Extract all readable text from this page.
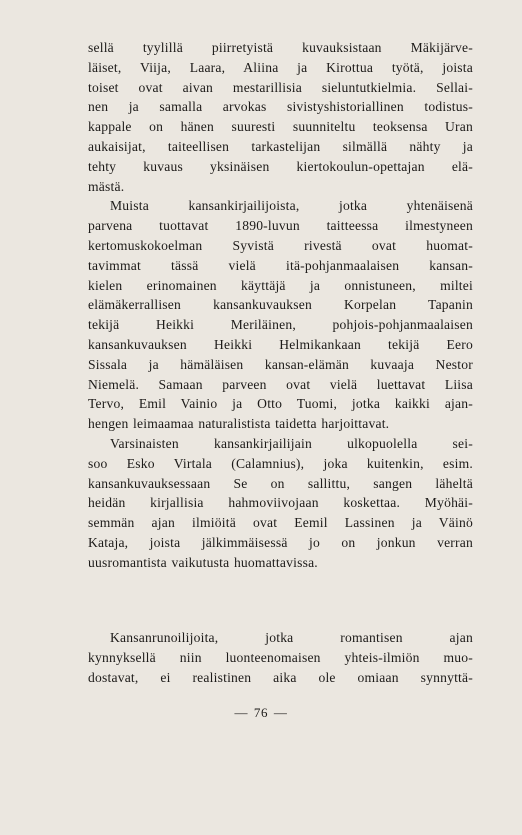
sellä tyylillä piirretyistä kuvauksistaan Mäkijärve-
läiset, Viija, Laara, Aliina ja Kirottua työtä, joista
toiset ovat aivan mestarillisia sieluntutkielmia. Sellai-
nen ja samalla arvokas sivistyshistoriallinen todistus-
kappale on hänen suuresti suunniteltu teoksensa Uran
aukaisijat, taiteellisen tarkastelijan silmällä nähty ja
tehty kuvaus yksinäisen kiertokoulun-opettajan elä-
mästä.
Muista kansankirjailijoista, jotka yhtenäisenä
parvena tuottavat 1890-luvun taitteessa ilmestyneen
kertomuskokoelman Syvistä rivestä ovat huomat-
tavimmat tässä vielä itä-pohjanmaalaisen kansan-
kielen erinomainen käyttäjä ja onnistuneen, miltei
elämäkerrallisen kansankuvauksen Korpelan Tapanin
tekijä Heikki Meriläinen, pohjois-pohjanmaalaisen
kansankuvauksen Heikki Helmikankaan tekijä Eero
Sissala ja hämäläisen kansan-elämän kuvaaja Nestor
Niemelä. Samaan parveen ovat vielä luettavat Liisa
Tervo, Emil Vainio ja Otto Tuomi, jotka kaikki ajan-
hengen leimaamaa naturalistista taidetta harjoittavat.
Varsinaisten kansankirjailijain ulkopuolella sei-
soo Esko Virtala (Calamnius), joka kuitenkin, esim.
kansankuvauksessaan Se on sallittu, sangen läheltä
heidän kirjallisia hahmoviivojaan koskettaa. Myöhäi-
semmän ajan ilmiöitä ovat Eemil Lassinen ja Väinö
Kataja, joista jälkimmäisessä jo on jonkun verran
uusromantista vaikutusta huomattavissa.
Kansanrunoilijoita, jotka romantisen ajan
kynnyksellä niin luonteenomaisen yhteis-ilmiön muo-
dostavat, ei realistinen aika ole omiaan synnyttä-
— 76 —
